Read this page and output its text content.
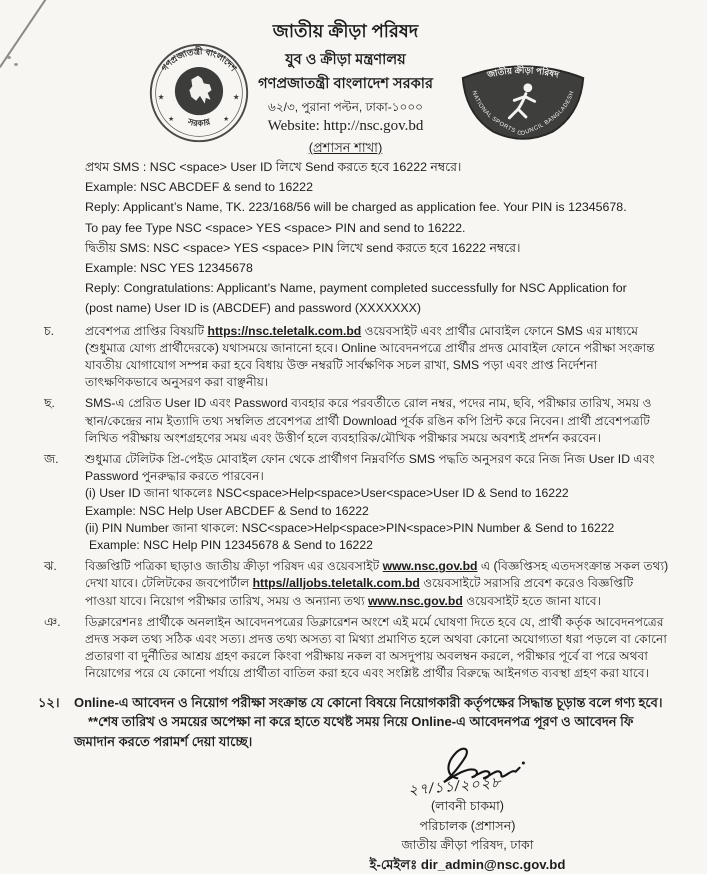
গণপ্রজাতন্ত্রী বাংলাদেশ
সরকার
★	★
★	★
জাতীয় ক্রীড়া পরিষদ
যুব ও ক্রীড়া মন্ত্রণালয়
গণপ্রজাতন্ত্রী বাংলাদেশ সরকার
৬২/৩, পুরানা পল্টন, ঢাকা-১০০০
Website: http://nsc.gov.bd
(প্রশাসন শাখা)
জাতীয় ক্রীড়া পরিষদ
NATIONAL SPORTS COUNCIL BANGLADESH
প্রথম SMS : NSC <space> User ID লিখে Send করতে হবে 16222 নম্বরে।
Example: NSC ABCDEF & send to 16222
Reply: Applicant’s Name, TK. 223/168/56 will be charged as application fee. Your PIN is 12345678.
To pay fee Type NSC <space> YES <space> PIN and send to 16222.
দ্বিতীয় SMS: NSC <space> YES <space> PIN লিখে send করতে হবে 16222 নম্বরে।
Example: NSC YES 12345678
Reply: Congratulations: Applicant’s Name, payment completed successfully for NSC Application for
(post name) User ID is (ABCDEF) and password (XXXXXXX)
চ.	প্রবেশপত্র প্রাপ্তির বিষয়টি https://nsc.teletalk.com.bd ওয়েবসাইট এবং প্রার্থীর মোবাইল ফোনে SMS এর মাধ্যমে
(শুধুমাত্র যোগ্য প্রার্থীদেরকে) যথাসময়ে জানানো হবে। Online আবেদনপত্রে প্রার্থীর প্রদত্ত মোবাইল ফোনে পরীক্ষা সংক্রান্ত
যাবতীয় যোগাযোগ সম্পন্ন করা হবে বিধায় উক্ত নম্বরটি সার্বক্ষণিক সচল রাখা, SMS পড়া এবং প্রাপ্ত নির্দেশনা
তাৎক্ষণিকভাবে অনুসরণ করা বাঞ্ছনীয়।
ছ.	SMS-এ প্রেরিত User ID এবং Password ব্যবহার করে পরবর্তীতে রোল নম্বর, পদের নাম, ছবি, পরীক্ষার তারিখ, সময় ও
স্থান/কেন্দ্রের নাম ইত্যাদি তথ্য সম্বলিত প্রবেশপত্র প্রার্থী Download পূর্বক রঙিন কপি প্রিন্ট করে নিবেন। প্রার্থী প্রবেশপত্রটি
লিখিত পরীক্ষায় অংশগ্রহণের সময় এবং উত্তীর্ণ হলে ব্যবহারিক/মৌখিক পরীক্ষার সময়ে অবশ্যই প্রদর্শন করবেন।
জ.	শুধুমাত্র টেলিটক প্রি-পেইড মোবাইল ফোন থেকে প্রার্থীগণ নিম্নবর্ণিত SMS পদ্ধতি অনুসরণ করে নিজ নিজ User ID এবং
Password পুনরুদ্ধার করতে পারবেন।
(i) User ID জানা থাকলেঃ NSC<space>Help<space>User<space>User ID & Send to 16222
Example: NSC Help User ABCDEF & Send to 16222
(ii) PIN Number জানা থাকলে: NSC<space>Help<space>PIN<space>PIN Number & Send to 16222
Example: NSC Help PIN 12345678 & Send to 16222
ঝ.	বিজ্ঞপ্তিটি পত্রিকা ছাড়াও জাতীয় ক্রীড়া পরিষদ এর ওয়েবসাইট www.nsc.gov.bd এ (বিজ্ঞপ্তিসহ এতদসংক্রান্ত সকল তথ্য)
দেখা যাবে। টেলিটকের জবপোর্টাল https//alljobs.teletalk.com.bd ওয়েবসাইটে সরাসরি প্রবেশ করেও বিজ্ঞপ্তিটি
পাওয়া যাবে। নিয়োগ পরীক্ষার তারিখ, সময় ও অন্যান্য তথ্য www.nsc.gov.bd ওয়েবসাইট হতে জানা যাবে।
ঞ.	ডিক্লারেশনঃ প্রার্থীকে অনলাইন আবেদনপত্রের ডিক্লারেশন অংশে এই মর্মে ঘোষণা দিতে হবে যে, প্রার্থী কর্তৃক আবেদনপত্রের
প্রদত্ত সকল তথ্য সঠিক এবং সত্য। প্রদত্ত তথ্য অসত্য বা মিথ্যা প্রমাণিত হলে অথবা কোনো অযোগ্যতা ধরা পড়লে বা কোনো
প্রতারণা বা দুর্নীতির আশ্রয় গ্রহণ করলে কিংবা পরীক্ষায় নকল বা অসদুপায় অবলম্বন করলে, পরীক্ষার পূর্বে বা পরে অথবা
নিয়োগের পরে যে কোনো পর্যায়ে প্রার্থীতা বাতিল করা হবে এবং সংশ্লিষ্ট প্রার্থীর বিরুদ্ধে আইনগত ব্যবস্থা গ্রহণ করা যাবে।
১২।	Online-এ আবেদন ও নিয়োগ পরীক্ষা সংক্রান্ত যে কোনো বিষয়ে নিয়োগকারী কর্তৃপক্ষের সিদ্ধান্ত চূড়ান্ত বলে গণ্য হবে।
**শেষ তারিখ ও সময়ের অপেক্ষা না করে হাতে যথেষ্ট সময় নিয়ে Online-এ আবেদনপত্র পূরণ ও আবেদন ফি
জমাদান করতে পরামর্শ দেয়া যাচ্ছে।
২৭/১১/২০২৮
(লাবনী চাকমা)
পরিচালক (প্রশাসন)
জাতীয় ক্রীড়া পরিষদ, ঢাকা
ই-মেইলঃ dir_admin@nsc.gov.bd
